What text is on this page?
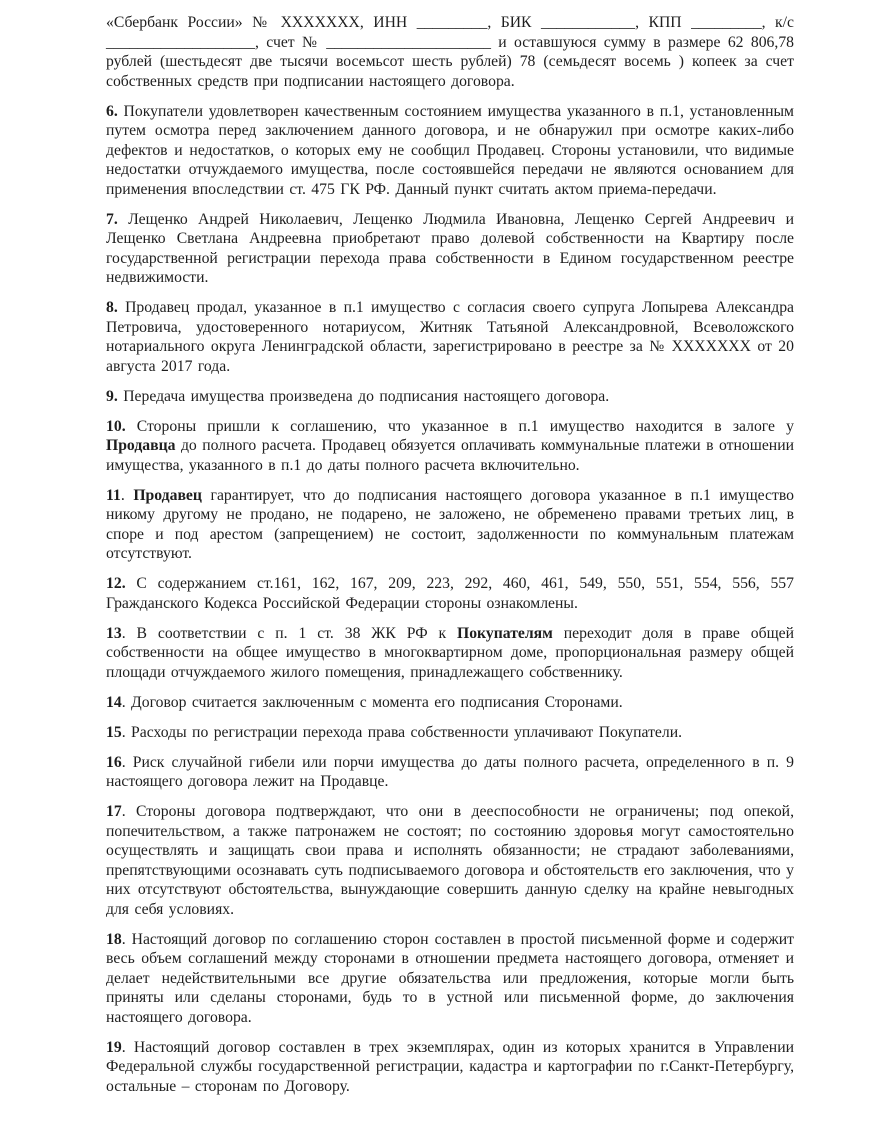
«Сбербанк России» № XXXXXXX, ИНН _________, БИК ____________, КПП _________, к/с ___________________, счет № _____________________ и оставшуюся сумму в размере 62 806,78 рублей (шестьдесят две тысячи восемьсот шесть рублей) 78 (семьдесят восемь ) копеек за счет собственных средств при подписании настоящего договора.

6. Покупатели удовлетворен качественным состоянием имущества указанного в п.1, установленным путем осмотра перед заключением данного договора, и не обнаружил при осмотре каких-либо дефектов и недостатков, о которых ему не сообщил Продавец. Стороны установили, что видимые недостатки отчуждаемого имущества, после состоявшейся передачи не являются основанием для применения впоследствии ст. 475 ГК РФ. Данный пункт считать актом приема-передачи.

7. Лещенко Андрей Николаевич, Лещенко Людмила Ивановна, Лещенко Сергей Андреевич и Лещенко Светлана Андреевна приобретают право долевой собственности на Квартиру после государственной регистрации перехода права собственности в Едином государственном реестре недвижимости.

8. Продавец продал, указанное в п.1 имущество с согласия своего супруга Лопырева Александра Петровича, удостоверенного нотариусом, Житняк Татьяной Александровной, Всеволожского нотариального округа Ленинградской области, зарегистрировано в реестре за № XXXXXXX от 20 августа 2017 года.

9. Передача имущества произведена до подписания настоящего договора.

10. Стороны пришли к соглашению, что указанное в п.1 имущество находится в залоге у Продавца до полного расчета. Продавец обязуется оплачивать коммунальные платежи в отношении имущества, указанного в п.1 до даты полного расчета включительно.

11. Продавец гарантирует, что до подписания настоящего договора указанное в п.1 имущество никому другому не продано, не подарено, не заложено, не обременено правами третьих лиц, в споре и под арестом (запрещением) не состоит, задолженности по коммунальным платежам отсутствуют.

12. С содержанием ст.161, 162, 167, 209, 223, 292, 460, 461, 549, 550, 551, 554, 556, 557 Гражданского Кодекса Российской Федерации стороны ознакомлены.

13. В соответствии с п. 1 ст. 38 ЖК РФ к Покупателям переходит доля в праве общей собственности на общее имущество в многоквартирном доме, пропорциональная размеру общей площади отчуждаемого жилого помещения, принадлежащего собственнику.

14. Договор считается заключенным с момента его подписания Сторонами.

15. Расходы по регистрации перехода права собственности уплачивают Покупатели.

16. Риск случайной гибели или порчи имущества до даты полного расчета, определенного в п. 9 настоящего договора лежит на Продавце.

17. Стороны договора подтверждают, что они в дееспособности не ограничены; под опекой, попечительством, а также патронажем не состоят; по состоянию здоровья могут самостоятельно осуществлять и защищать свои права и исполнять обязанности; не страдают заболеваниями, препятствующими осознавать суть подписываемого договора и обстоятельств его заключения, что у них отсутствуют обстоятельства, вынуждающие совершить данную сделку на крайне невыгодных для себя условиях.

18. Настоящий договор по соглашению сторон составлен в простой письменной форме и содержит весь объем соглашений между сторонами в отношении предмета настоящего договора, отменяет и делает недействительными все другие обязательства или предложения, которые могли быть приняты или сделаны сторонами, будь то в устной или письменной форме, до заключения настоящего договора.

19. Настоящий договор составлен в трех экземплярах, один из которых хранится в Управлении Федеральной службы государственной регистрации, кадастра и картографии по г.Санкт-Петербургу, остальные – сторонам по Договору.
